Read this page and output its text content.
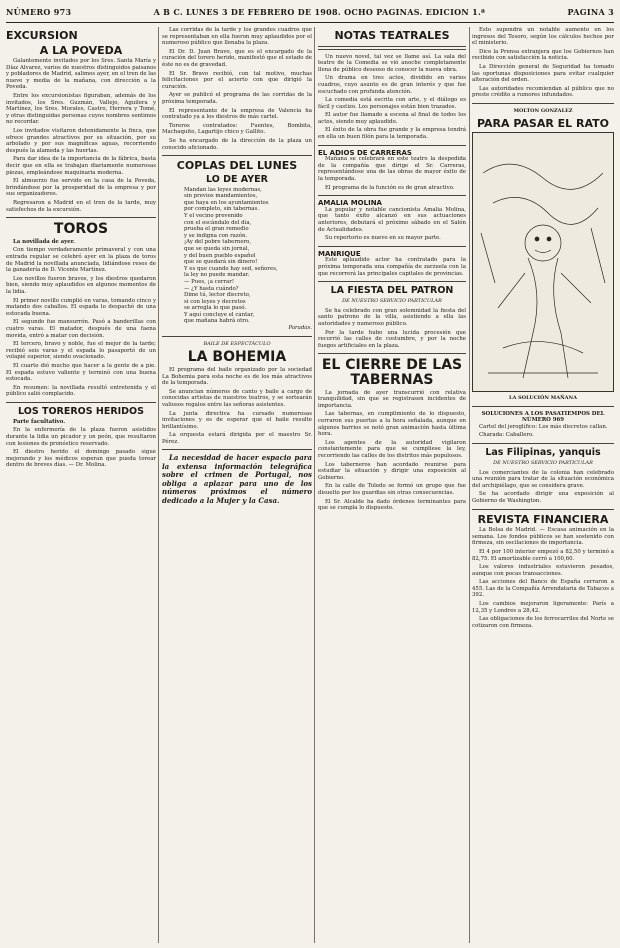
NÚMERO 973	A B C. LUNES 3 DE FEBRERO DE 1908. OCHO PAGINAS. EDICION 1.ª	PAGINA 3
EXCURSION
A LA POVEDA

Galantemente invitados por los Sres. Santa María y Díaz Alvarez, varios de nuestros distinguidos paisanos y pobladores de Madrid, salimos ayer, en el tren de las nueve y media de la mañana, con dirección a la Poveda.

Entre los excursionistas figuraban, además de los invitados, los Sres. Guzmán, Vallejo, Aguilera y Martínez, los Sres. Morales, Castro, Herrera y Tomé, y otras distinguidas personas cuyos nombres sentimos no recordar.

Los invitados visitaron detenidamente la finca, que ofrece grandes atractivos por su situación, por su arbolado y por sus magníficas aguas, recorriendo después la alameda y las huertas.

Para dar idea de la importancia de la fábrica, basta decir que en ella se trabajan diariamente numerosas piezas, empleándose maquinaria moderna.

El almuerzo fue servido en la casa de la Poveda, brindándose por la prosperidad de la empresa y por sus organizadores.

Regresaron a Madrid en el tren de la tarde, muy satisfechos de la excursión.

TOROS

La novillada de ayer.

Con tiempo verdaderamente primaveral y con una entrada regular se celebró ayer en la plaza de toros de Madrid la novillada anunciada, lidiándose reses de la ganadería de D. Vicente Martínez.

Los novillos fueron bravos, y los diestros quedaron bien, siendo muy aplaudidos en algunos momentos de la lidia.

El primer novillo cumplió en varas, tomando cinco y matando dos caballos. El espada lo despachó de una estocada buena.

El segundo fue mansurrón. Pasó a banderillas con cuatro varas. El matador, después de una faena movida, entró a matar con decisión.

El tercero, bravo y noble, fue el mejor de la tarde; recibió seis varas y el espada lo pasaportó de un volapié superior, siendo ovacionado.

El cuarto dió mucho que hacer a la gente de a pie. El espada estuvo valiente y terminó con una buena estocada.

En resumen: la novillada resultó entretenida y el público salió complacido.

LOS TOREROS HERIDOS

Parte facultativo.

En la enfermería de la plaza fueron asistidos durante la lidia un picador y un peón, que resultaron con lesiones de pronóstico reservado.

El diestro herido el domingo pasado sigue mejorando y los médicos esperan que pueda torear dentro de breves días. — Dr. Molina.

Las corridas de la tarde y los grandes cuadros que se representaban en ella fueron muy aplaudidos por el numeroso público que llenaba la plaza.

El Dr. D. Juan Bravo, que es el encargado de la curación del torero herido, manifestó que el estado de éste no es de gravedad.

El Sr. Bravo recibió, con tal motivo, muchas felicitaciones por el acierto con que dirigió la curación.

Ayer se publicó el programa de las corridas de la próxima temporada.

El representante de la empresa de Valencia ha contratado ya a los diestros de más cartel.

Toreros contratados: Fuentes, Bombita, Machaquito, Lagartijo chico y Gallito.

Se ha encargado de la dirección de la plaza un conocido aficionado.

COPLAS DEL LUNES
LO DE AYER
Mandan las leyes modernas,
sin previos mandamientos,
que haya en los ayuntamientos
por completo, sin tabernas.
Y el vecino prevenido
con el escándalo del día,
prueba el gran remedio
y se indigna con razón.
¡Ay del pobre tabernero,
que se queda sin jornal,
y del buen pueblo español
que se quedará sin dinero!
Y es que cuando hay sed, señores,
la ley no puede mandar.
— Pues, ¡a cerrar!
— ¿Y hasta cuándo?
Dime tú, lector discreto,
si con leyes y decretos
se arregla lo que pasó.
Y aquí concluye el cantar,
que mañana habrá otro.
Paradas.
BAILE DE ESPECTÁCULO
LA BOHEMIA

El programa del baile organizado por la sociedad La Bohemia para esta noche es de los más atractivos de la temporada.

Se anuncian números de canto y baile a cargo de conocidas artistas de nuestros teatros, y se sortearán valiosos regalos entre las señoras asistentes.

La junta directiva ha cursado numerosas invitaciones y es de esperar que el baile resulte brillantísimo.

La orquesta estará dirigida por el maestro Sr. Pérez.

La necesidad de hacer espacio para la extensa información telegráfica sobre el crimen de Portugal, nos obliga a aplazar para uno de los números próximos el número dedicado a la Mujer y la Casa.

NOTAS TEATRALES

Un nuevo novel, tal vez se llame así. La sala del teatro de la Comedia se vió anoche completamente llena de público deseoso de conocer la nueva obra.

Un drama en tres actos, dividido en varios cuadros, cuyo asunto es de gran interés y que fue escuchado con profunda atención.

La comedia está escrita con arte, y el diálogo es fácil y castizo. Los personajes están bien trazados.

El autor fue llamado a escena al final de todos los actos, siendo muy aplaudido.

El éxito de la obra fue grande y la empresa tendrá en ella un buen filón para la temporada.

EL ADIOS DE CARRERAS

Mañana se celebrará en este teatro la despedida de la compañía que dirige el Sr. Carreras, representándose una de las obras de mayor éxito de la temporada.

El programa de la función es de gran atractivo.

AMALIA MOLINA

La popular y notable cancionista Amalia Molina, que tanto éxito alcanzó en sus actuaciones anteriores, debutará el próximo sábado en el Salón de Actualidades.

Su repertorio es nuevo en su mayor parte.

MANRIQUE

Este aplaudido actor ha contratado para la próxima temporada una compañía de zarzuela con la que recorrerá las principales capitales de provincias.

LA FIESTA DEL PATRON
DE NUESTRO SERVICIO PARTICULAR

Se ha celebrado con gran solemnidad la fiesta del santo patrono de la villa, asistiendo a ella las autoridades y numeroso público.

Por la tarde hubo una lucida procesión que recorrió las calles de costumbre, y por la noche fuegos artificiales en la plaza.

EL CIERRE DE LAS TABERNAS

La jornada de ayer transcurrió con relativa tranquilidad, sin que se registrasen incidentes de importancia.

Las tabernas, en cumplimiento de lo dispuesto, cerraron sus puertas a la hora señalada, aunque en algunos barrios se notó gran animación hasta última hora.

Los agentes de la autoridad vigilaron constantemente para que se cumpliese la ley, recorriendo las calles de los distritos más populosos.

Los taberneros han acordado reunirse para estudiar la situación y dirigir una exposición al Gobierno.

En la calle de Toledo se formó un grupo que fue disuelto por los guardias sin otras consecuencias.

El Sr. Alcalde ha dado órdenes terminantes para que se cumpla lo dispuesto.

Esto supondrá un notable aumento en los ingresos del Tesoro, según los cálculos hechos por el ministerio.

Dice la Prensa extranjera que los Gobiernos han recibido con satisfacción la noticia.

La Dirección general de Seguridad ha tomado las oportunas disposiciones para evitar cualquier alteración del orden.

Las autoridades recomiendan al público que no preste crédito a rumores infundados.

MOLTON GONZALEZ
PARA PASAR EL RATO
LA SOLUCIÓN MAÑANA
SOLUCIONES A LOS PASATIEMPOS DEL NÚMERO 969

Cartel del jeroglífico: Los más discretos callan.

Charada: Caballero.

Las Filipinas, yanquis
DE NUESTRO SERVICIO PARTICULAR

Los comerciantes de la colonia han celebrado una reunión para tratar de la situación económica del archipiélago, que se considera grave.

Se ha acordado dirigir una exposición al Gobierno de Washington.

REVISTA FINANCIERA

La Bolsa de Madrid. — Escasa animación en la semana. Los fondos públicos se han sostenido con firmeza, sin oscilaciones de importancia.

El 4 por 100 interior empezó a 82,50 y terminó a 82,75. El amortizable cerró a 100,60.

Los valores industriales estuvieron pesados, aunque con pocas transacciones.

Las acciones del Banco de España cerraron a 455. Las de la Compañía Arrendataria de Tabacos a 392.

Los cambios mejoraron ligeramente: París a 12,35 y Londres a 28,42.

Las obligaciones de los ferrocarriles del Norte se cotizaron con firmeza.
